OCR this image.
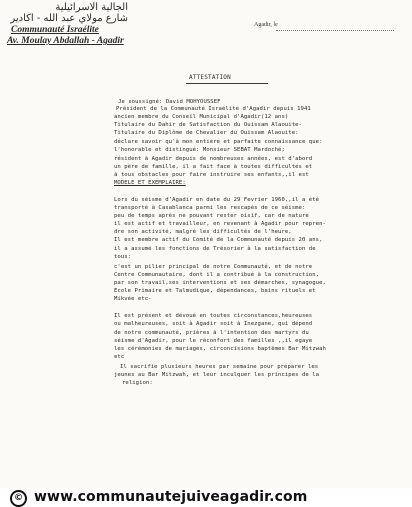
الجالية الاسرائيلية
شارع مولاي عبد الله - اكادير
Communauté Israélite
Av. Moulay Abdallah - Agadir
Agadir, le
ATTESTATION
Je soussigné: David MOHYOUSSEF
Président de la Communauté Israélite d'Agadir depuis 1941
ancien membre du Conseil Municipal d'Agadir(12 ans)
Titulaire du Dahir de Satisfaction du Ouissam Alaouite-
Titulaire du Diplôme de Chevalier du Ouissam Alaouite:
déclare savoir qu'à mon entière et parfaite connaissance que:
l'honorable et distingué: Monsieur SEBAT Mardoché;
résident à Agadir depuis de nombreuses années, est d'abord
un père de famille, il a fait face à toutes difficultés et
à tous obstacles pour faire instruire ses enfants,,il est
MODELE ET EXEMPLAIRE:
Lors du séisme d'Agadir en date du 29 Fevrier 1960,,il a été
transporté à Casablanca parmi les rescapés de ce séisme:
peu de temps après ne pouvant rester oisif, car de nature
il est actif et travailleur, en revenant à Agadir pour repren-
dre son activité, malgré les difficultés de l'heure,
Il est membre actif du Comité de la Communauté depuis 20 ans,
il a assumé les fonctions de Trésorier à la satisfaction de
tous:
c'est un pilier principal de notre Communauté, et de notre
Centre Communautaire, dont il a contribué à la construction,
par son travail,ses interventions et ses démarches, synagogue,
Ecole Primaire et Talmudique, dépendances, bains rituels et
Mikvée etc-
Il est présent et dévoué en toutes circonstances,heureuses
ou malheureuses, soit à Agadir soit à Inezgane, qui dépend
de notre communauté, prières à l'intention des martyrs du
séisme d'Agadir, pour le réconfort des familles ,,il egaye
les cérémonies de mariages, circoncisions baptêmes Bar Mitzwah
etc
Il sacrifie plusieurs heures par semaine pour préparer les
jeunes au Bar Mitzwah, et leur inculquer les principes de la
religion:
© www.communautejuiveagadir.com
